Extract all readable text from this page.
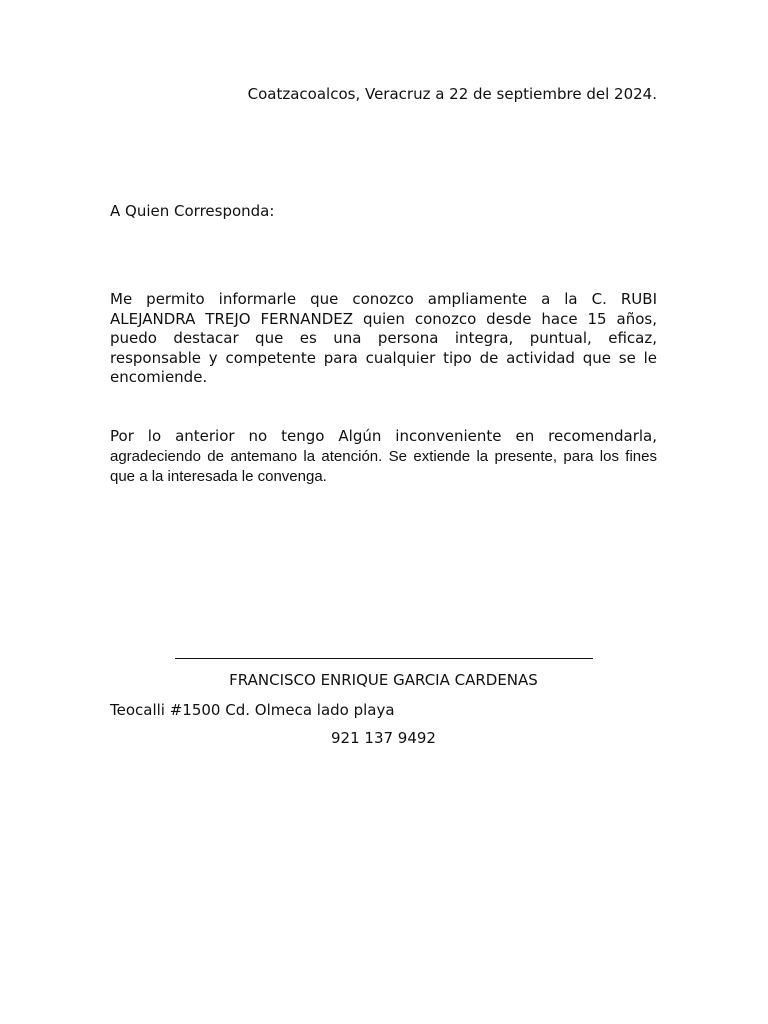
Coatzacoalcos, Veracruz a 22 de septiembre del 2024.
A Quien Corresponda:
Me permito informarle que conozco ampliamente a la C. RUBI ALEJANDRA TREJO FERNANDEZ quien conozco desde hace 15 años, puedo destacar que es una persona integra, puntual, eficaz, responsable y competente para cualquier tipo de actividad que se le encomiende.
Por lo anterior no tengo Algún inconveniente en recomendarla,
agradeciendo de antemano la atención. Se extiende la presente, para los fines que a la interesada le convenga.
FRANCISCO ENRIQUE GARCIA CARDENAS
Teocalli #1500 Cd. Olmeca lado playa
921 137 9492
